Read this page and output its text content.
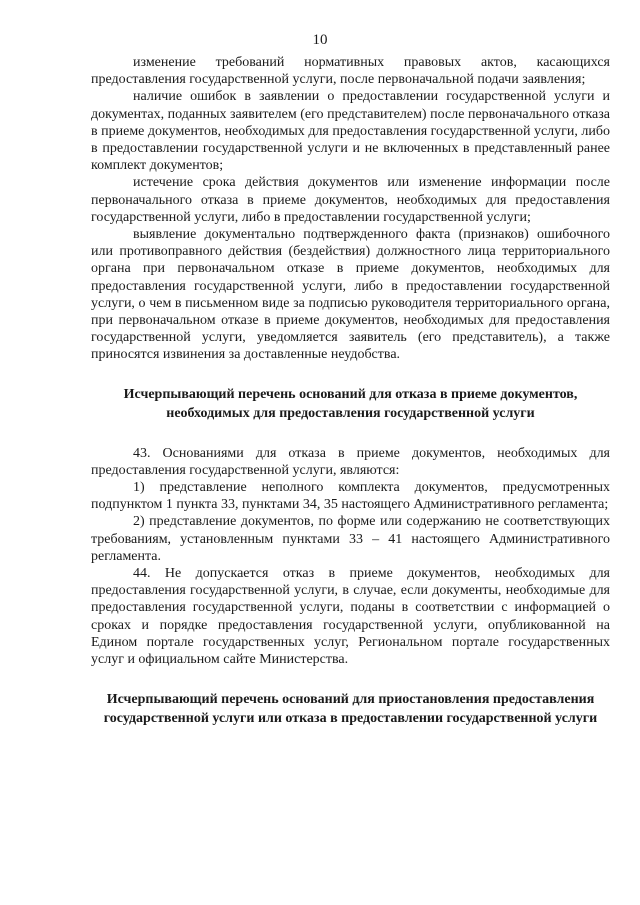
10

изменение требований нормативных правовых актов, касающихся предоставления государственной услуги, после первоначальной подачи заявления;

наличие ошибок в заявлении о предоставлении государственной услуги и документах, поданных заявителем (его представителем) после первоначального отказа в приеме документов, необходимых для предоставления государственной услуги, либо в предоставлении государственной услуги и не включенных в представленный ранее комплект документов;

истечение срока действия документов или изменение информации после первоначального отказа в приеме документов, необходимых для предоставления государственной услуги, либо в предоставлении государственной услуги;

выявление документально подтвержденного факта (признаков) ошибочного или противоправного действия (бездействия) должностного лица территориального органа при первоначальном отказе в приеме документов, необходимых для предоставления государственной услуги, либо в предоставлении государственной услуги, о чем в письменном виде за подписью руководителя территориального органа, при первоначальном отказе в приеме документов, необходимых для предоставления государственной услуги, уведомляется заявитель (его представитель), а также приносятся извинения за доставленные неудобства.

Исчерпывающий перечень оснований для отказа в приеме документов, необходимых для предоставления государственной услуги

43. Основаниями для отказа в приеме документов, необходимых для предоставления государственной услуги, являются:

1) представление неполного комплекта документов, предусмотренных подпунктом 1 пункта 33, пунктами 34, 35 настоящего Административного регламента;

2) представление документов, по форме или содержанию не соответствующих требованиям, установленным пунктами 33 – 41 настоящего Административного регламента.

44. Не допускается отказ в приеме документов, необходимых для предоставления государственной услуги, в случае, если документы, необходимые для предоставления государственной услуги, поданы в соответствии с информацией о сроках и порядке предоставления государственной услуги, опубликованной на Едином портале государственных услуг, Региональном портале государственных услуг и официальном сайте Министерства.

Исчерпывающий перечень оснований для приостановления предоставления государственной услуги или отказа в предоставлении государственной услуги
